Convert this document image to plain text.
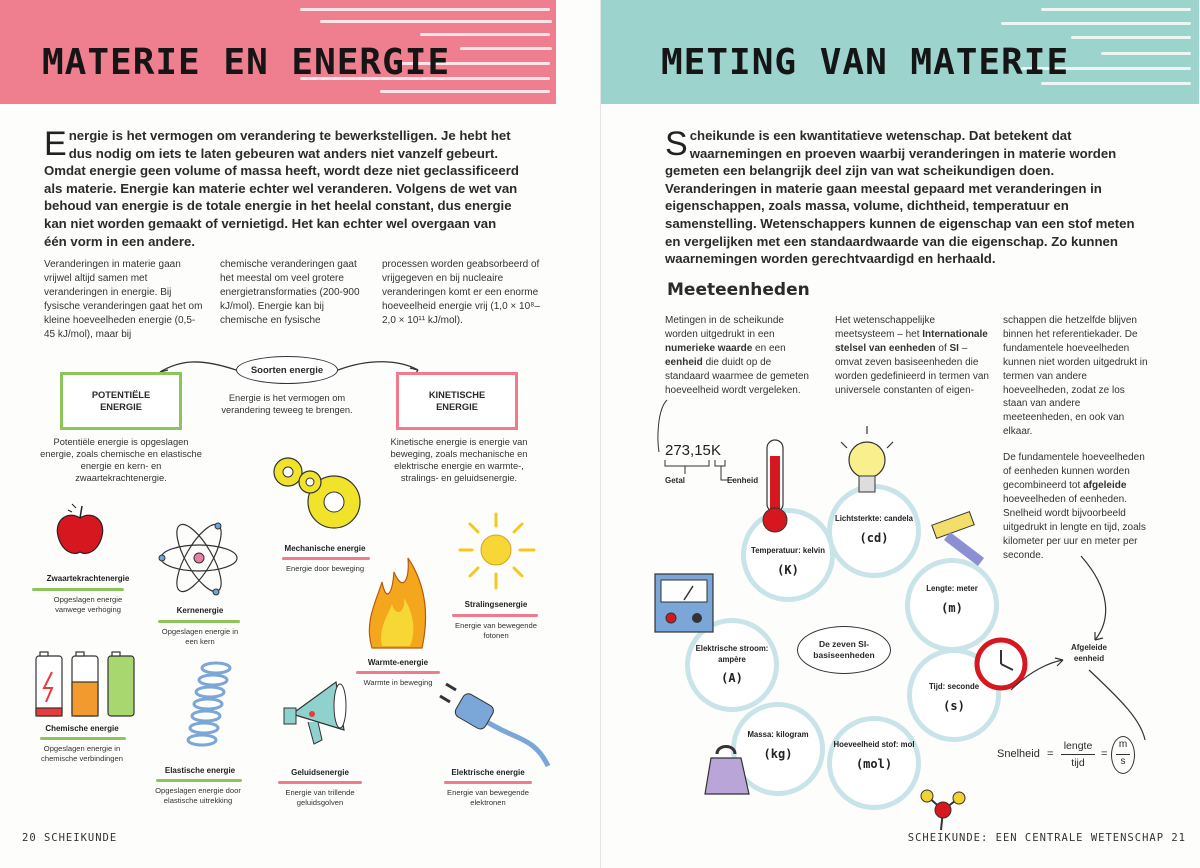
MATERIE EN ENERGIE
Energie is het vermogen om verandering te bewerkstelligen. Je hebt het dus nodig om iets te laten gebeuren wat anders niet vanzelf gebeurt. Omdat energie geen volume of massa heeft, wordt deze niet geclassificeerd als materie. Energie kan materie echter wel veranderen. Volgens de wet van behoud van energie is de totale energie in het heelal constant, dus energie kan niet worden gemaakt of vernietigd. Het kan echter wel overgaan van één vorm in een andere.
Veranderingen in materie gaan vrijwel altijd samen met veranderingen in energie. Bij fysische veranderingen gaat het om kleine hoeveelheden energie (0,5-45 kJ/mol), maar bij
chemische veranderingen gaat het meestal om veel grotere energietransformaties (200-900 kJ/mol). Energie kan bij chemische en fysische
processen worden geabsorbeerd of vrijgegeven en bij nucleaire veranderingen komt er een enorme hoeveelheid energie vrij (1,0 × 10⁸–2,0 × 10¹¹ kJ/mol).
Soorten energie
Energie is het vermogen om verandering teweeg te brengen.
POTENTIËLE ENERGIE
Potentiële energie is opgeslagen energie, zoals chemische en elastische energie en kern- en zwaartekrachtenergie.
KINETISCHE ENERGIE
Kinetische energie is energie van beweging, zoals mechanische en elektrische energie en warmte-, stralings- en geluidsenergie.
Zwaartekrachtenergie
Opgeslagen energie vanwege verhoging	Kernenergie
Opgeslagen energie in een kern
Mechanische energie
Energie door beweging
Stralingsenergie
Energie van bewegende fotonen
Warmte-energie
Warmte in beweging
Chemische energie
Opgeslagen energie in chemische verbindingen
Elastische energie
Opgeslagen energie door elastische uitrekking
Geluidsenergie
Energie van trillende geluidsgolven
Elektrische energie
Energie van bewegende elektronen
20 SCHEIKUNDE
METING VAN MATERIE
Scheikunde is een kwantitatieve wetenschap. Dat betekent dat waarnemingen en proeven waarbij veranderingen in materie worden gemeten een belangrijk deel zijn van wat scheikundigen doen. Veranderingen in materie gaan meestal gepaard met veranderingen in eigenschappen, zoals massa, volume, dichtheid, temperatuur en samenstelling. Wetenschappers kunnen de eigenschap van een stof meten en vergelijken met een standaardwaarde van die eigenschap. Zo kunnen waarnemingen worden gerechtvaardigd en herhaald.
Meeteenheden
Metingen in de scheikunde worden uitgedrukt in een numerieke waarde en een eenheid die duidt op de standaard waarmee de gemeten hoeveelheid wordt vergeleken.
Het wetenschappelijke meetsysteem – het Internationale stelsel van eenheden of SI – omvat zeven basiseenheden die worden gedefinieerd in termen van universele constanten of eigen-
schappen die hetzelfde blijven binnen het referentiekader. De fundamentele hoeveelheden kunnen niet worden uitgedrukt in termen van andere hoeveelheden, zodat ze los staan van andere meeteenheden, en ook van elkaar.
De fundamentele hoeveelheden of eenheden kunnen worden gecombineerd tot afgeleide hoeveelheden of eenheden. Snelheid wordt bijvoorbeeld uitgedrukt in lengte en tijd, zoals kilometer per uur en meter per seconde.
273,15 K
Getal	Eenheid
Temperatuur: kelvin
(K)
Lichtsterkte: candela
(cd)
Lengte: meter
(m)
Tijd: seconde
(s)
Hoeveelheid stof: mol
(mol)
Massa: kilogram
(kg)
Elektrische stroom: ampère
(A)
De zeven SI-basiseenheden
Afgeleide eenheid
Snelheid =
lengte
tijd
=
m
s
SCHEIKUNDE: EEN CENTRALE WETENSCHAP 21
